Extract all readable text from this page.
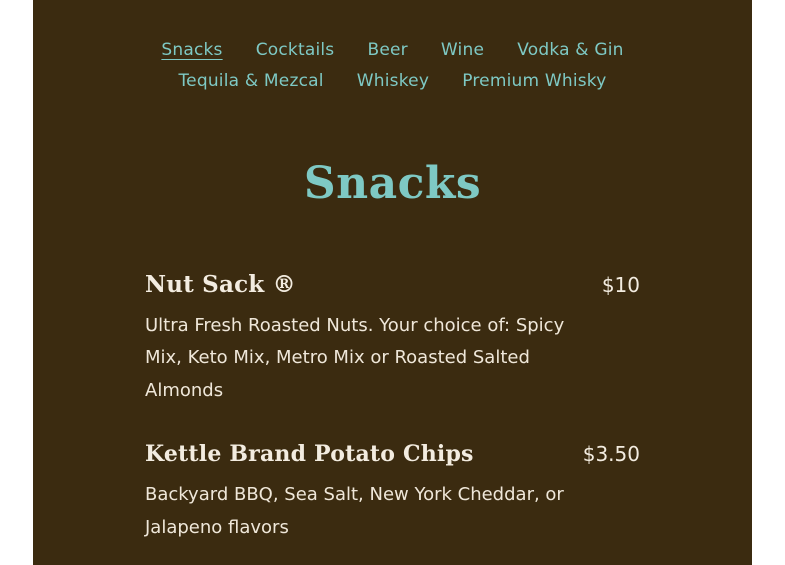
Snacks Cocktails Beer Wine Vodka & Gin
Tequila & Mezcal Whiskey Premium Whisky
Snacks
Nut Sack ®	$10
Ultra Fresh Roasted Nuts. Your choice of: Spicy Mix, Keto Mix, Metro Mix or Roasted Salted Almonds
Kettle Brand Potato Chips	$3.50
Backyard BBQ, Sea Salt, New York Cheddar, or Jalapeno flavors
